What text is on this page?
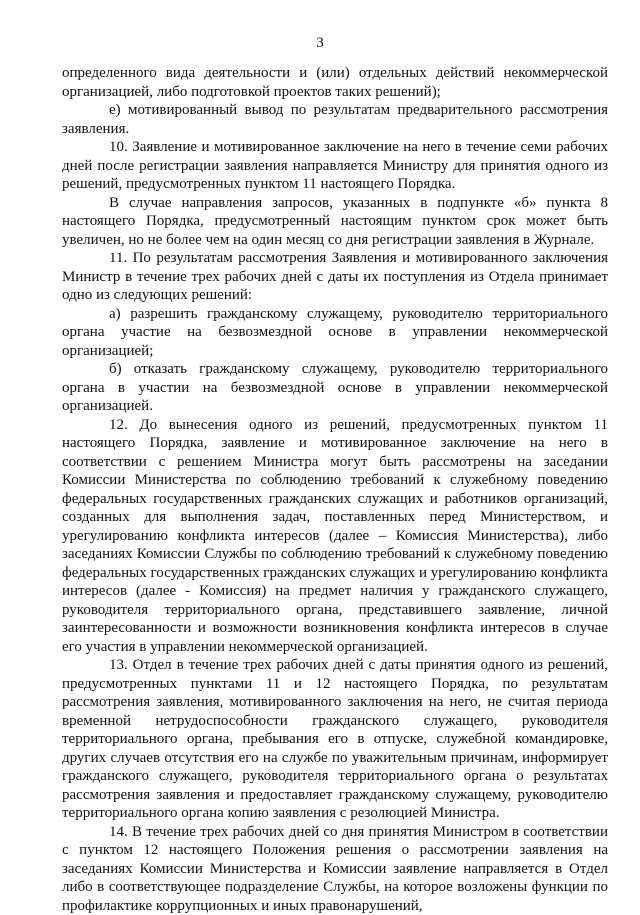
3

определенного вида деятельности и (или) отдельных действий некоммерческой организацией, либо подготовкой проектов таких решений);

е) мотивированный вывод по результатам предварительного рассмотрения заявления.

10. Заявление и мотивированное заключение на него в течение семи рабочих дней после регистрации заявления направляется Министру для принятия одного из решений, предусмотренных пунктом 11 настоящего Порядка.

В случае направления запросов, указанных в подпункте «б» пункта 8 настоящего Порядка, предусмотренный настоящим пунктом срок может быть увеличен, но не более чем на один месяц со дня регистрации заявления в Журнале.

11. По результатам рассмотрения Заявления и мотивированного заключения Министр в течение трех рабочих дней с даты их поступления из Отдела принимает одно из следующих решений:

а) разрешить гражданскому служащему, руководителю территориального органа участие на безвозмездной основе в управлении некоммерческой организацией;

б) отказать гражданскому служащему, руководителю территориального органа в участии на безвозмездной основе в управлении некоммерческой организацией.

12. До вынесения одного из решений, предусмотренных пунктом 11 настоящего Порядка, заявление и мотивированное заключение на него в соответствии с решением Министра могут быть рассмотрены на заседании Комиссии Министерства по соблюдению требований к служебному поведению федеральных государственных гражданских служащих и работников организаций, созданных для выполнения задач, поставленных перед Министерством, и урегулированию конфликта интересов (далее – Комиссия Министерства), либо заседаниях Комиссии Службы по соблюдению требований к служебному поведению федеральных государственных гражданских служащих и урегулированию конфликта интересов (далее - Комиссия) на предмет наличия у гражданского служащего, руководителя территориального органа, представившего заявление, личной заинтересованности и возможности возникновения конфликта интересов в случае его участия в управлении некоммерческой организацией.

13. Отдел в течение трех рабочих дней с даты принятия одного из решений, предусмотренных пунктами 11 и 12 настоящего Порядка, по результатам рассмотрения заявления, мотивированного заключения на него, не считая периода временной нетрудоспособности гражданского служащего, руководителя территориального органа, пребывания его в отпуске, служебной командировке, других случаев отсутствия его на службе по уважительным причинам, информирует гражданского служащего, руководителя территориального органа о результатах рассмотрения заявления и предоставляет гражданскому служащему, руководителю территориального органа копию заявления с резолюцией Министра.

14. В течение трех рабочих дней со дня принятия Министром в соответствии с пунктом 12 настоящего Положения решения о рассмотрении заявления на заседаниях Комиссии Министерства и Комиссии заявление направляется в Отдел либо в соответствующее подразделение Службы, на которое возложены функции по профилактике коррупционных и иных правонарушений,
